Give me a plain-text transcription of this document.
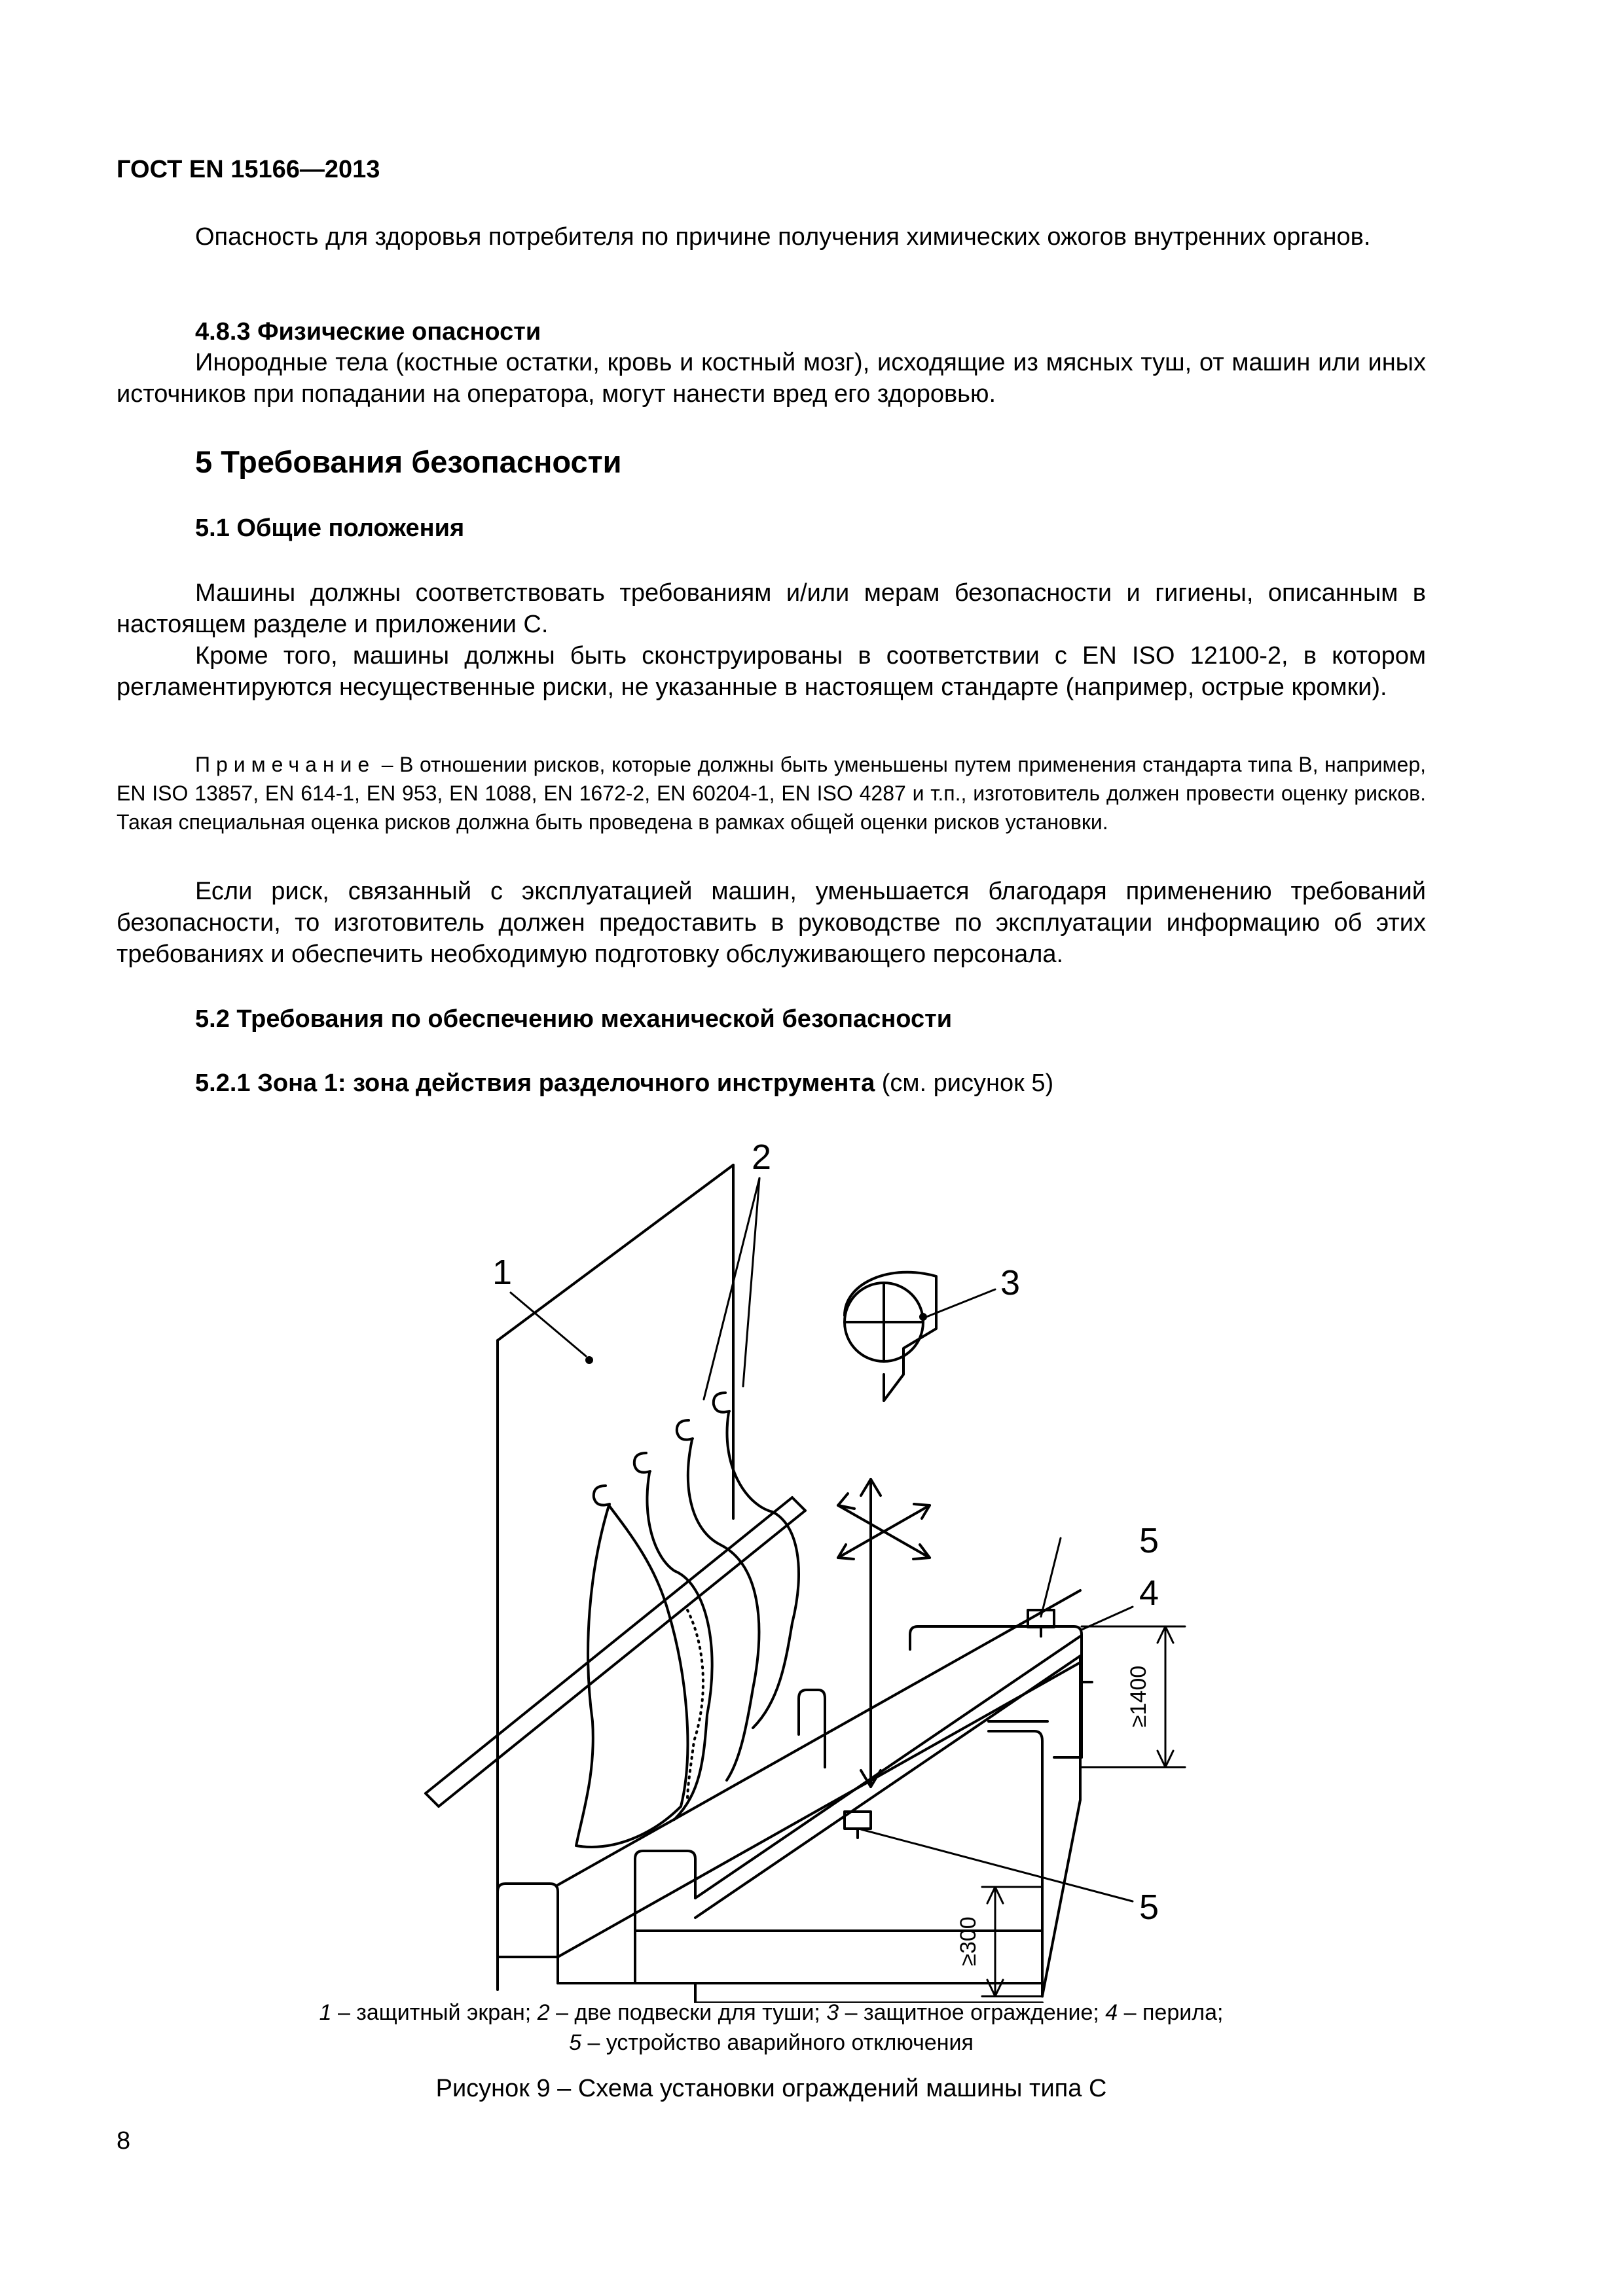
ГОСТ EN 15166—2013

Опасность для здоровья потребителя по причине получения химических ожогов внутренних органов.

4.8.3 Физические опасности

Инородные тела (костные остатки, кровь и костный мозг), исходящие из мясных туш, от машин или иных источников при попадании на оператора, могут нанести вред его здоровью.

5 Требования безопасности
5.1 Общие положения

Машины должны соответствовать требованиям и/или мерам безопасности и гигиены, описанным в настоящем разделе и приложении С.

Кроме того, машины должны быть сконструированы в соответствии с EN ISO 12100-2, в котором регламентируются несущественные риски, не указанные в настоящем стандарте (например, острые кромки).

Примечание – В отношении рисков, которые должны быть уменьшены путем применения стандарта типа В, например, EN ISO 13857, EN 614-1, EN 953, EN 1088, EN 1672-2, EN 60204-1, EN ISO 4287 и т.п., изготовитель должен провести оценку рисков. Такая специальная оценка рисков должна быть проведена в рамках общей оценки рисков установки.

Если риск, связанный с эксплуатацией машин, уменьшается благодаря применению требований безопасности, то изготовитель должен предоставить в руководстве по эксплуатации информацию об этих требованиях и обеспечить необходимую подготовку обслуживающего персонала.

5.2 Требования по обеспечению механической безопасности
5.2.1 Зона 1: зона действия разделочного инструмента (см. рисунок 5)
≥1400
≥300
1
2
3
4
5
5
1 – защитный экран; 2 – две подвески для туши; 3 – защитное ограждение; 4 – перила;
5 – устройство аварийного отключения
Рисунок 9 – Схема установки ограждений машины типа С
8
